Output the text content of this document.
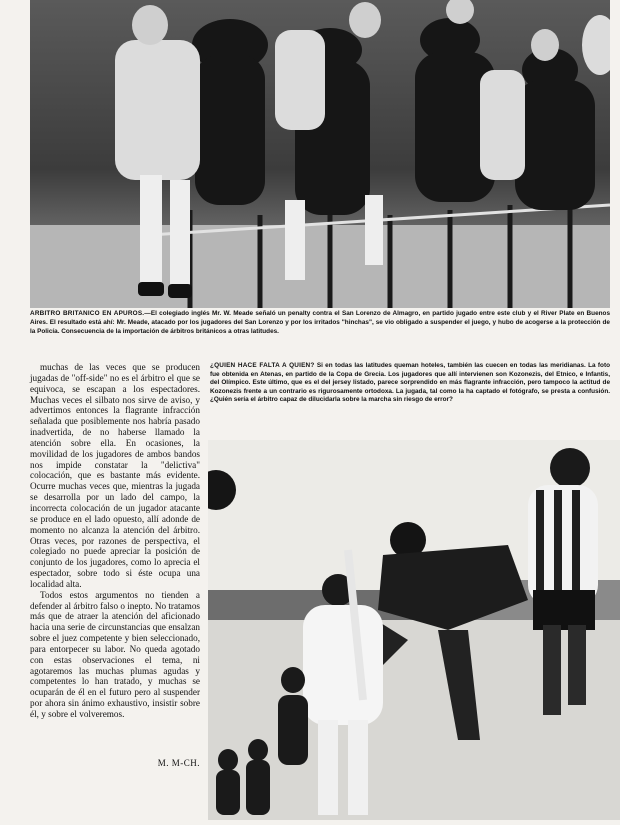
ARBITRO BRITANICO EN APUROS.—El colegiado inglés Mr. W. Meade señaló un penalty contra el San Lorenzo de Almagro, en partido jugado entre este club y el River Plate en Buenos Aires. El resultado está ahí: Mr. Meade, atacado por los jugadores del San Lorenzo y por los irritados "hinchas", se vio obligado a suspender el juego, y hubo de acogerse a la protección de la Policía. Consecuencia de la importación de árbitros británicos a otras latitudes.

muchas de las veces que se producen jugadas de "off-side" no es el árbitro el que se equivoca, se escapan a los espectadores. Muchas veces el silbato nos sirve de aviso, y advertimos entonces la flagrante infracción señalada que posiblemente nos habría pasado inadvertida, de no haberse llamado la atención sobre ella. En ocasiones, la movilidad de los jugadores de ambos bandos nos impide constatar la "delictiva" colocación, que es bastante más evidente. Ocurre muchas veces que, mientras la jugada se desarrolla por un lado del campo, la incorrecta colocación de un jugador atacante se produce en el lado opuesto, allí adonde de momento no alcanza la atención del árbitro. Otras veces, por razones de perspectiva, el colegiado no puede apreciar la posición de conjunto de los jugadores, como lo aprecia el espectador, sobre todo si éste ocupa una localidad alta.

Todos estos argumentos no tienden a defender al árbitro falso o inepto. No tratamos más que de atraer la atención del aficionado hacia una serie de circunstancias que ensalzan sobre el juez competente y bien seleccionado, para entorpecer su labor. No queda agotado con estas observaciones el tema, ni agotaremos las muchas plumas agudas y competentes lo han tratado, y muchas se ocuparán de él en el futuro pero al suspender por ahora sin ánimo exhaustivo, insistir sobre él, y sobre el volveremos.

M. M-CH.
¿QUIEN HACE FALTA A QUIEN? Si en todas las latitudes queman hoteles, también las cuecen en todas las meridianas. La foto fue obtenida en Atenas, en partido de la Copa de Grecia. Los jugadores que allí intervienen son Kozonezis, del Etnico, e Infantis, del Olímpico. Este último, que es el del jersey listado, parece sorprendido en más flagrante infracción, pero tampoco la actitud de Kozonezis frente a un contrario es rigurosamente ortodoxa. La jugada, tal como la ha captado el fotógrafo, se presta a confusión. ¿Quién sería el árbitro capaz de dilucidarla sobre la marcha sin riesgo de error?
